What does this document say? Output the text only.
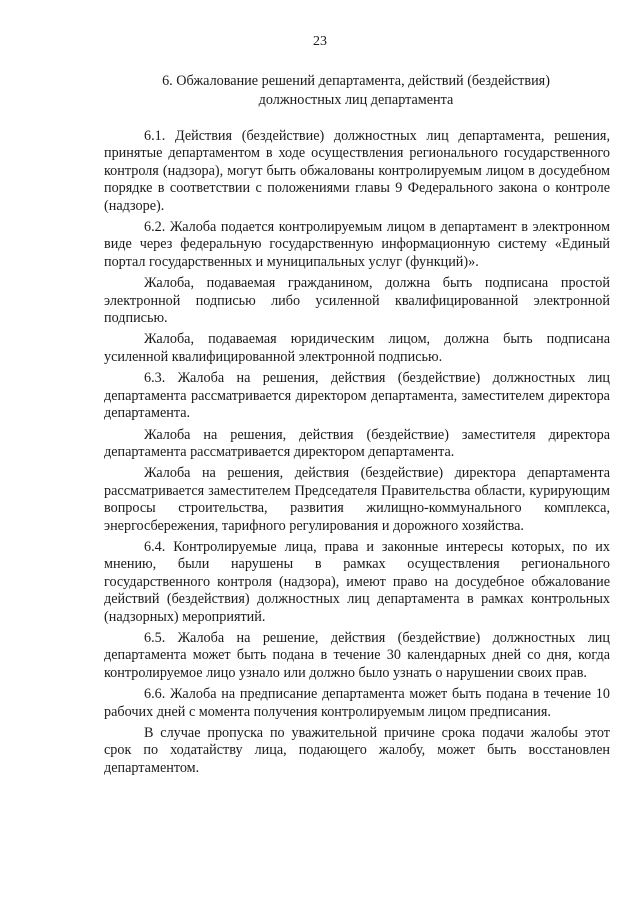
23
6. Обжалование решений департамента, действий (бездействия)
должностных лиц департамента

6.1. Действия (бездействие) должностных лиц департамента, решения, принятые департаментом в ходе осуществления регионального государственного контроля (надзора), могут быть обжалованы контролируемым лицом в досудебном порядке в соответствии с положениями главы 9 Федерального закона о контроле (надзоре).

6.2. Жалоба подается контролируемым лицом в департамент в электронном виде через федеральную государственную информационную систему «Единый портал государственных и муниципальных услуг (функций)».

Жалоба, подаваемая гражданином, должна быть подписана простой электронной подписью либо усиленной квалифицированной электронной подписью.

Жалоба, подаваемая юридическим лицом, должна быть подписана усиленной квалифицированной электронной подписью.

6.3. Жалоба на решения, действия (бездействие) должностных лиц департамента рассматривается директором департамента, заместителем директора департамента.

Жалоба на решения, действия (бездействие) заместителя директора департамента рассматривается директором департамента.

Жалоба на решения, действия (бездействие) директора департамента рассматривается заместителем Председателя Правительства области, курирующим вопросы строительства, развития жилищно-коммунального комплекса, энергосбережения, тарифного регулирования и дорожного хозяйства.

6.4. Контролируемые лица, права и законные интересы которых, по их мнению, были нарушены в рамках осуществления регионального государственного контроля (надзора), имеют право на досудебное обжалование действий (бездействия) должностных лиц департамента в рамках контрольных (надзорных) мероприятий.

6.5. Жалоба на решение, действия (бездействие) должностных лиц департамента может быть подана в течение 30 календарных дней со дня, когда контролируемое лицо узнало или должно было узнать о нарушении своих прав.

6.6. Жалоба на предписание департамента может быть подана в течение 10 рабочих дней с момента получения контролируемым лицом предписания.

В случае пропуска по уважительной причине срока подачи жалобы этот срок по ходатайству лица, подающего жалобу, может быть восстановлен департаментом.
